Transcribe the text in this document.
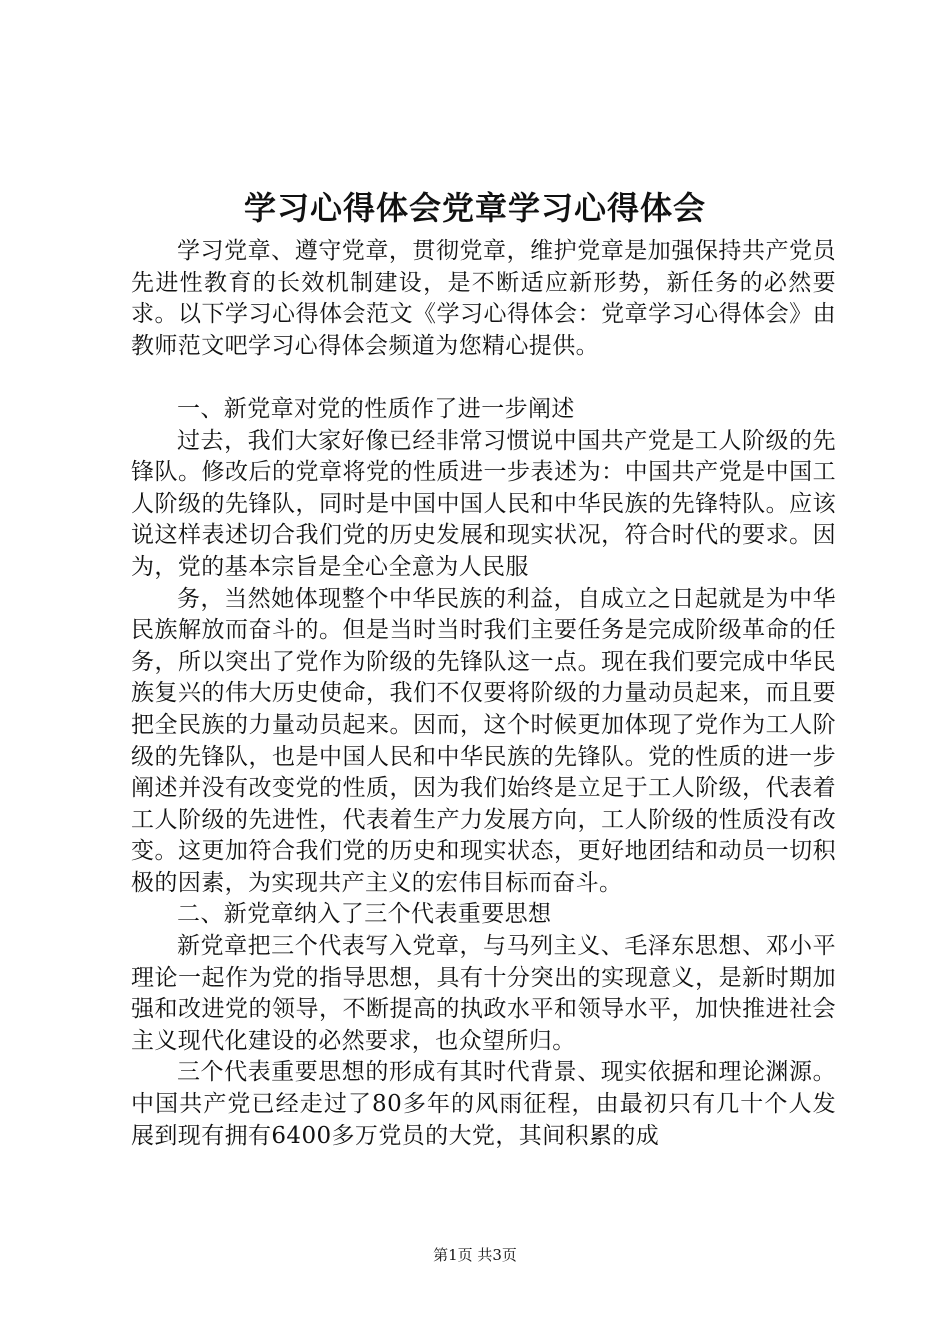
学习心得体会党章学习心得体会

学习党章、遵守党章，贯彻党章，维护党章是加强保持共产党员先进性教育的长效机制建设，是不断适应新形势，新任务的必然要求。以下学习心得体会范文《学习心得体会：党章学习心得体会》由教师范文吧学习心得体会频道为您精心提供。

一、新党章对党的性质作了进一步阐述

过去，我们大家好像已经非常习惯说中国共产党是工人阶级的先锋队。修改后的党章将党的性质进一步表述为：中国共产党是中国工人阶级的先锋队，同时是中国中国人民和中华民族的先锋特队。应该说这样表述切合我们党的历史发展和现实状况，符合时代的要求。因为，党的基本宗旨是全心全意为人民服

务，当然她体现整个中华民族的利益，自成立之日起就是为中华民族解放而奋斗的。但是当时当时我们主要任务是完成阶级革命的任务，所以突出了党作为阶级的先锋队这一点。现在我们要完成中华民族复兴的伟大历史使命，我们不仅要将阶级的力量动员起来，而且要把全民族的力量动员起来。因而，这个时候更加体现了党作为工人阶级的先锋队，也是中国人民和中华民族的先锋队。党的性质的进一步阐述并没有改变党的性质，因为我们始终是立足于工人阶级，代表着工人阶级的先进性，代表着生产力发展方向，工人阶级的性质没有改变。这更加符合我们党的历史和现实状态，更好地团结和动员一切积极的因素，为实现共产主义的宏伟目标而奋斗。

二、新党章纳入了三个代表重要思想

新党章把三个代表写入党章，与马列主义、毛泽东思想、邓小平理论一起作为党的指导思想，具有十分突出的实现意义，是新时期加强和改进党的领导，不断提高的执政水平和领导水平，加快推进社会主义现代化建设的必然要求，也众望所归。

三个代表重要思想的形成有其时代背景、现实依据和理论渊源。中国共产党已经走过了80多年的风雨征程，由最初只有几十个人发展到现有拥有6400多万党员的大党，其间积累的成

第1页 共3页
